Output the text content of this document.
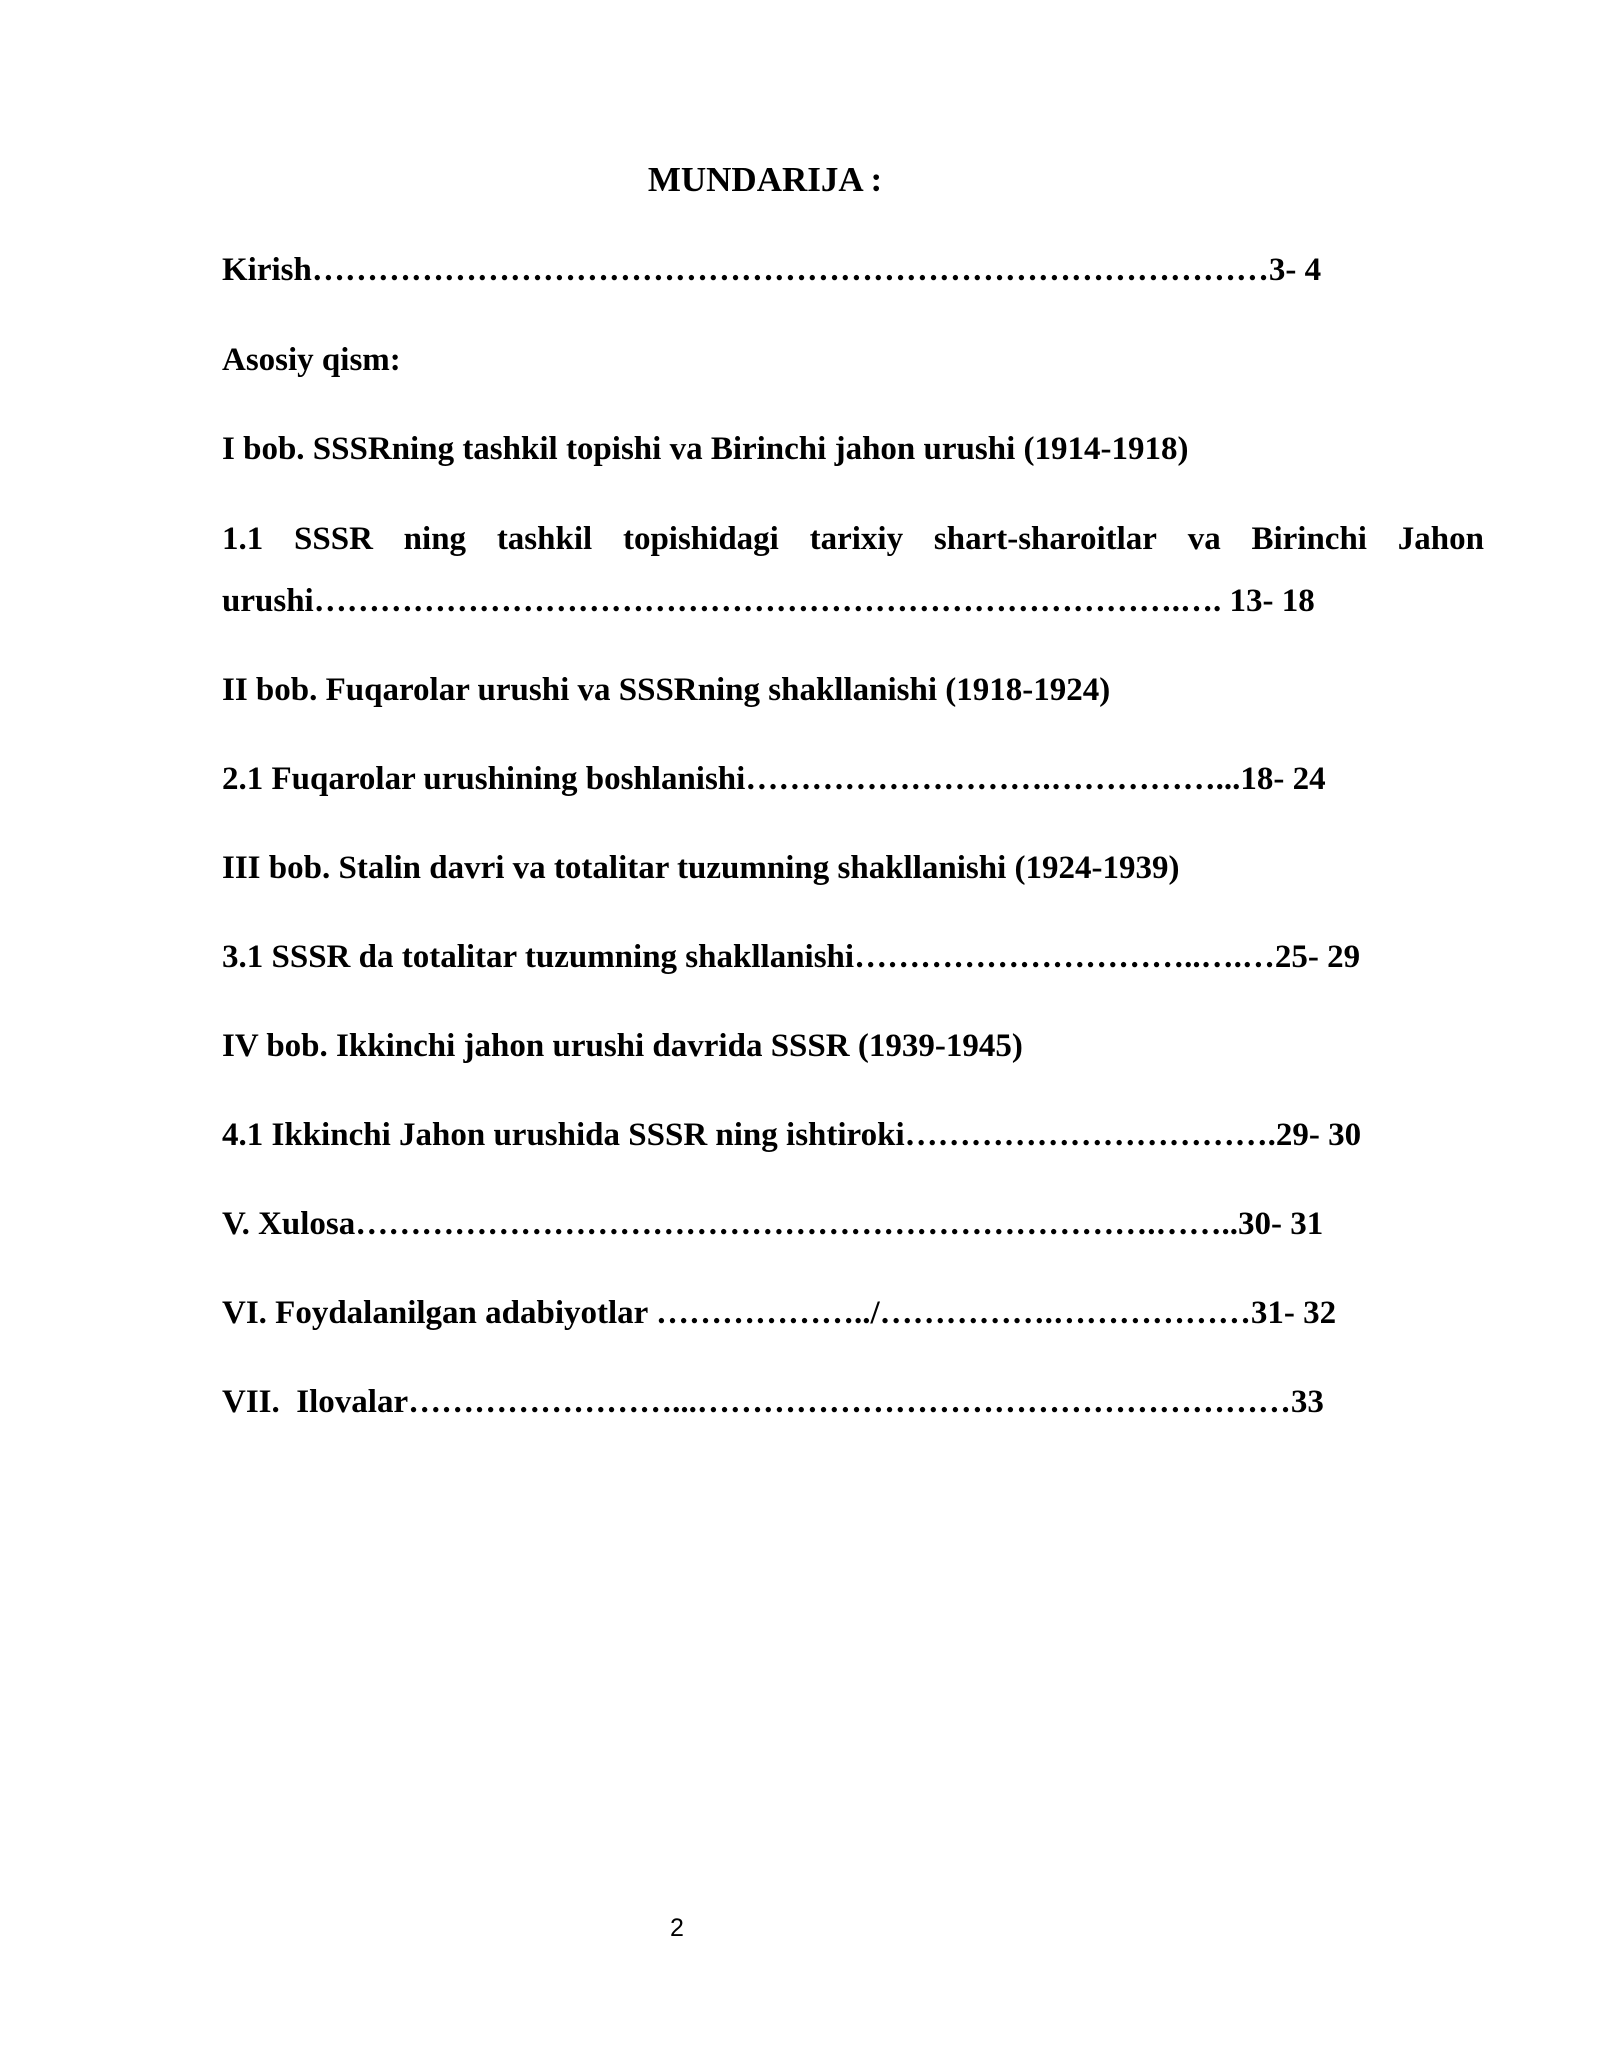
MUNDARIJA :
Kirish……………………………………………………………………………3- 4
Asosiy qism:
I bob. SSSRning tashkil topishi va Birinchi jahon urushi (1914-1918)
1.1 SSSR ning tashkil topishidagi tarixiy shart-sharoitlar va Birinchi Jahon
urushi…………………………………………………………………….…. 13- 18
II bob. Fuqarolar urushi va SSSRning shakllanishi (1918-1924)
2.1 Fuqarolar urushining boshlanishi……………………….……………...18- 24
III bob. Stalin davri va totalitar tuzumning shakllanishi (1924-1939)
3.1 SSSR da totalitar tuzumning shakllanishi…………………………..….…25- 29
IV bob. Ikkinchi jahon urushi davrida SSSR (1939-1945)
4.1 Ikkinchi Jahon urushida SSSR ning ishtiroki…………………………….29- 30
V. Xulosa……………………………………………………………….……..30- 31
VI. Foydalanilgan adabiyotlar ………………../…………….………………31- 32
VII.  Ilovalar……………………...………………………………………………33
2
